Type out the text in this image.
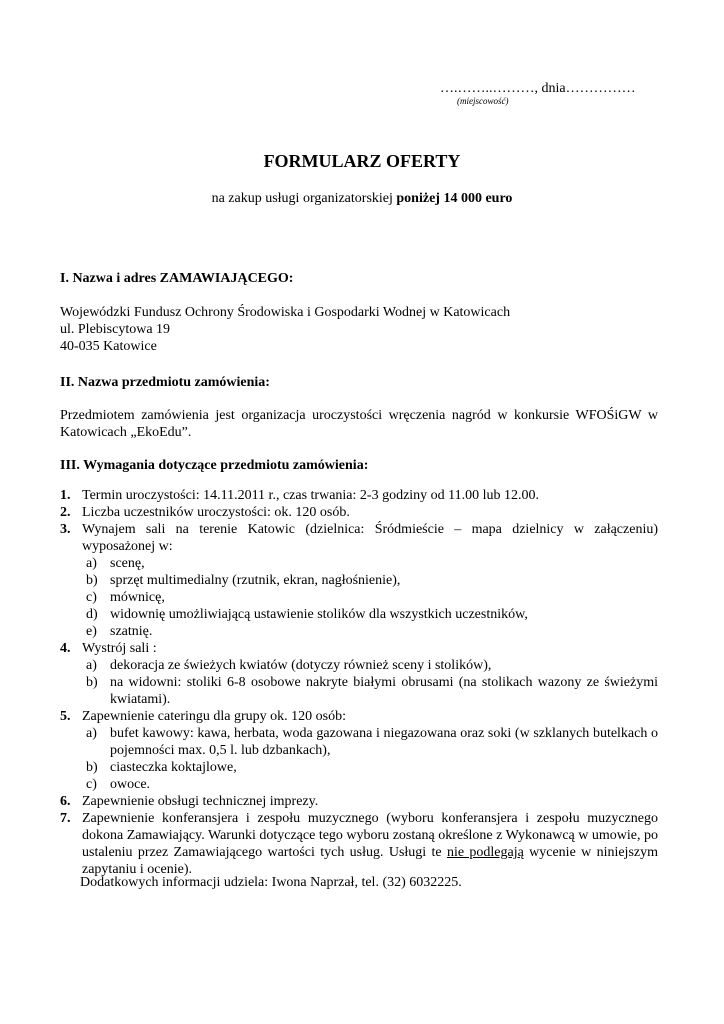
….……..………, dnia……………
(miejscowość)
FORMULARZ OFERTY
na zakup usługi organizatorskiej poniżej 14 000 euro
I. Nazwa i adres ZAMAWIAJĄCEGO:
Wojewódzki Fundusz Ochrony Środowiska i Gospodarki Wodnej w Katowicach
ul. Plebiscytowa 19
40-035 Katowice
II. Nazwa przedmiotu zamówienia:
Przedmiotem zamówienia jest organizacja uroczystości wręczenia nagród w konkursie WFOŚiGW w Katowicach „EkoEdu”.
III. Wymagania dotyczące przedmiotu zamówienia:
1. Termin uroczystości: 14.11.2011 r., czas trwania: 2-3 godziny od 11.00 lub 12.00.
2. Liczba uczestników uroczystości: ok. 120 osób.
3. Wynajem sali na terenie Katowic (dzielnica: Śródmieście – mapa dzielnicy w załączeniu) wyposażonej w:
a) scenę,
b) sprzęt multimedialny (rzutnik, ekran, nagłośnienie),
c) mównicę,
d) widownię umożliwiającą ustawienie stolików dla wszystkich uczestników,
e) szatnię.
4. Wystrój sali :
a) dekoracja ze świeżych kwiatów (dotyczy również sceny i stolików),
b) na widowni: stoliki 6-8 osobowe nakryte białymi obrusami (na stolikach wazony ze świeżymi kwiatami).
5. Zapewnienie cateringu dla grupy ok. 120 osób:
a) bufet kawowy: kawa, herbata, woda gazowana i niegazowana oraz soki (w szklanych butelkach o pojemności max. 0,5 l. lub dzbankach),
b) ciasteczka koktajlowe,
c) owoce.
6. Zapewnienie obsługi technicznej imprezy.
7. Zapewnienie konferansjera i zespołu muzycznego (wyboru konferansjera i zespołu muzycznego dokona Zamawiający. Warunki dotyczące tego wyboru zostaną określone z Wykonawcą w umowie, po ustaleniu przez Zamawiającego wartości tych usług. Usługi te nie podlegają wycenie w niniejszym zapytaniu i ocenie).
Dodatkowych informacji udziela: Iwona Naprzał, tel. (32) 6032225.
